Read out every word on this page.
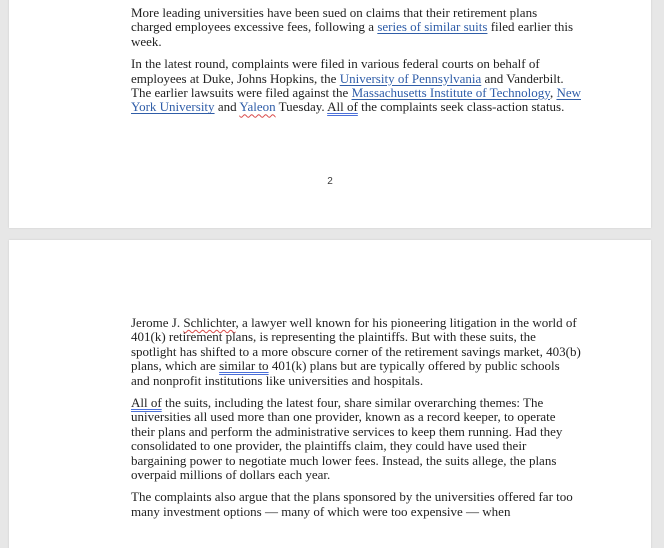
More leading universities have been sued on claims that their retirement plans charged employees excessive fees, following a series of similar suits filed earlier this week.

In the latest round, complaints were filed in various federal courts on behalf of employees at Duke, Johns Hopkins, the University of Pennsylvania and Vanderbilt. The earlier lawsuits were filed against the Massachusetts Institute of Technology, New York University and Yaleon Tuesday. All of the complaints seek class-action status.

2

Jerome J. Schlichter, a lawyer well known for his pioneering litigation in the world of 401(k) retirement plans, is representing the plaintiffs. But with these suits, the spotlight has shifted to a more obscure corner of the retirement savings market, 403(b) plans, which are similar to 401(k) plans but are typically offered by public schools and nonprofit institutions like universities and hospitals.

All of the suits, including the latest four, share similar overarching themes: The universities all used more than one provider, known as a record keeper, to operate their plans and perform the administrative services to keep them running. Had they consolidated to one provider, the plaintiffs claim, they could have used their bargaining power to negotiate much lower fees. Instead, the suits allege, the plans overpaid millions of dollars each year.

The complaints also argue that the plans sponsored by the universities offered far too many investment options — many of which were too expensive — when
